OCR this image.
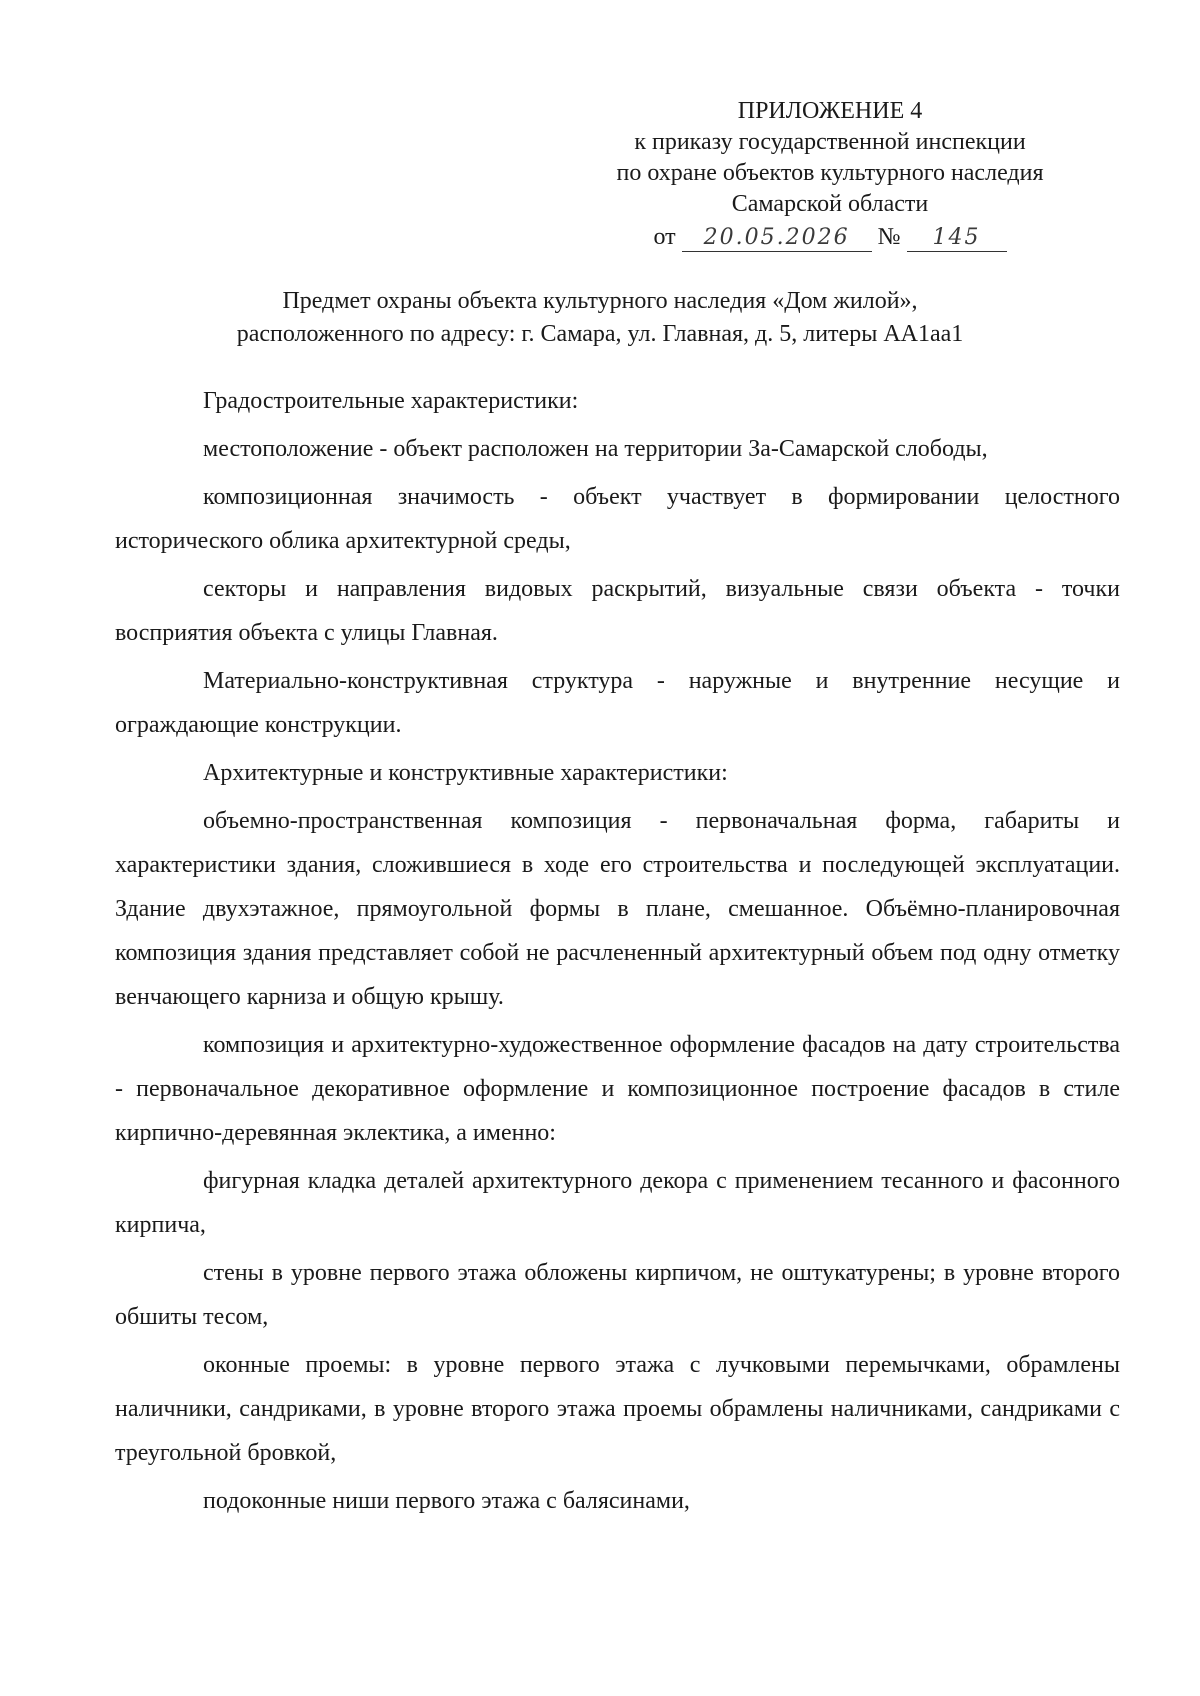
ПРИЛОЖЕНИЕ 4
к приказу государственной инспекции
по охране объектов культурного наследия
Самарской области
от 20.05.2026 № 145
Предмет охраны объекта культурного наследия «Дом жилой»,
расположенного по адресу: г. Самара, ул. Главная, д. 5, литеры АА1аа1

Градостроительные характеристики:

местоположение - объект расположен на территории За-Самарской слободы,

композиционная значимость - объект участвует в формировании целостного исторического облика архитектурной среды,

секторы и направления видовых раскрытий, визуальные связи объекта - точки восприятия объекта с улицы Главная.

Материально-конструктивная структура - наружные и внутренние несущие и ограждающие конструкции.

Архитектурные и конструктивные характеристики:

объемно-пространственная композиция - первоначальная форма, габариты и характеристики здания, сложившиеся в ходе его строительства и последующей эксплуатации. Здание двухэтажное, прямоугольной формы в плане, смешанное. Объёмно-планировочная композиция здания представляет собой не расчлененный архитектурный объем под одну отметку венчающего карниза и общую крышу.

композиция и архитектурно-художественное оформление фасадов на дату строительства - первоначальное декоративное оформление и композиционное построение фасадов в стиле кирпично-деревянная эклектика, а именно:

фигурная кладка деталей архитектурного декора с применением тесанного и фасонного кирпича,

стены в уровне первого этажа обложены кирпичом, не оштукатурены; в уровне второго обшиты тесом,

оконные проемы: в уровне первого этажа с лучковыми перемычками, обрамлены наличники, сандриками, в уровне второго этажа проемы обрамлены наличниками, сандриками с треугольной бровкой,

подоконные ниши первого этажа с балясинами,
